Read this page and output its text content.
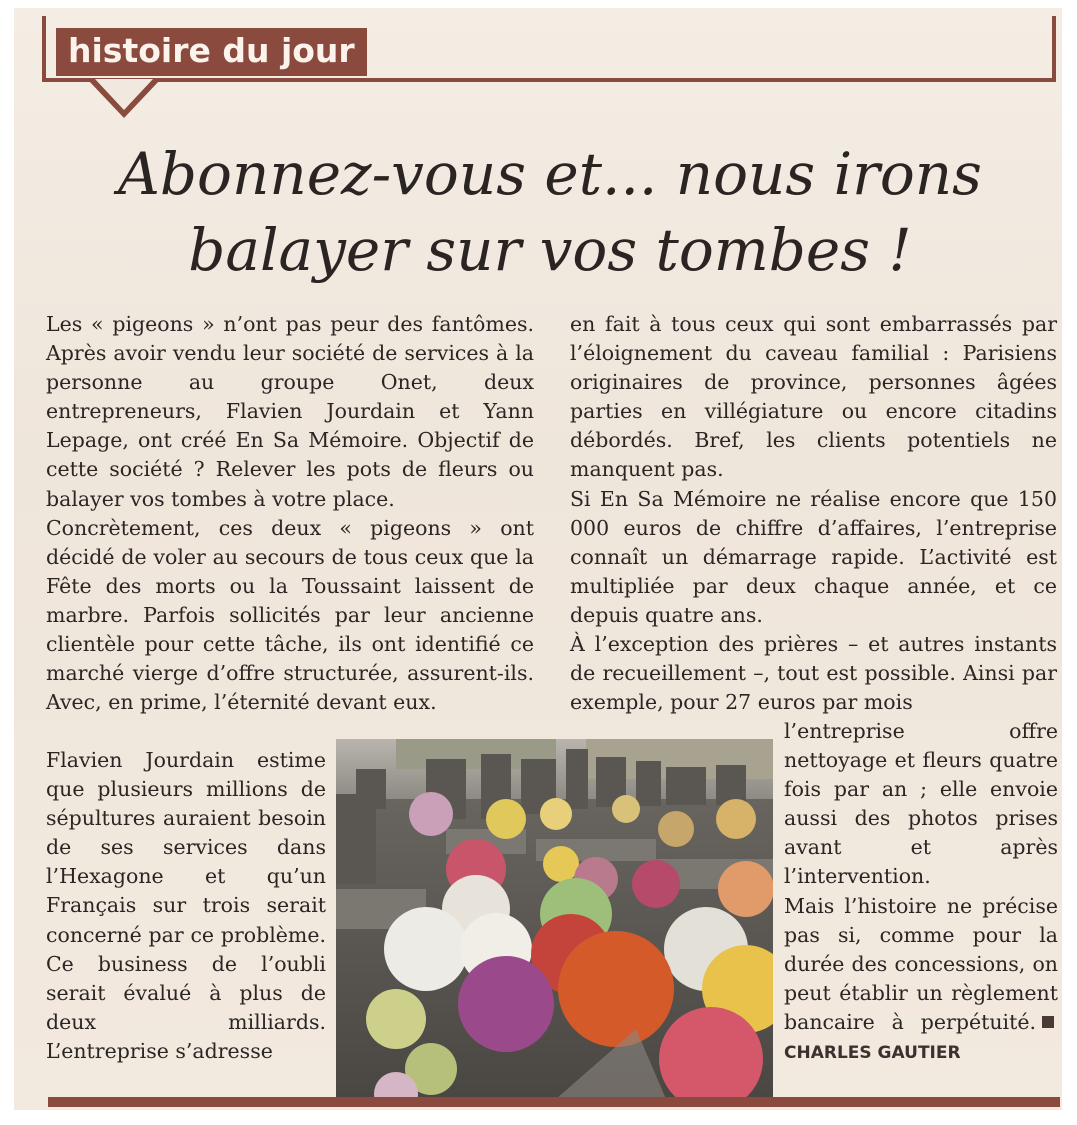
histoire du jour
Abonnez-vous et... nous irons
balayer sur vos tombes !

Les « pigeons » n’ont pas peur des fantômes. Après avoir vendu leur société de services à la personne au groupe Onet, deux entrepreneurs, Flavien Jourdain et Yann Lepage, ont créé En Sa Mémoire. Objectif de cette société ? Relever les pots de fleurs ou balayer vos tombes à votre place.

Concrètement, ces deux « pigeons » ont décidé de voler au secours de tous ceux que la Fête des morts ou la Toussaint laissent de marbre. Parfois sollicités par leur ancienne clientèle pour cette tâche, ils ont identifié ce marché vierge d’offre structurée, assurent-ils. Avec, en prime, l’éternité devant eux.

Flavien Jourdain estime que plusieurs millions de sépultures auraient besoin de ses services dans l’Hexagone et qu’un Français sur trois serait concerné par ce problème. Ce business de l’oubli serait évalué à plus de deux milliards. L’entreprise s’adresse

en fait à tous ceux qui sont embarrassés par l’éloignement du caveau familial : Parisiens originaires de province, personnes âgées parties en villégiature ou encore citadins débordés. Bref, les clients potentiels ne manquent pas.

Si En Sa Mémoire ne réalise encore que 150 000 euros de chiffre d’affaires, l’entreprise connaît un démarrage rapide. L’activité est multipliée par deux chaque année, et ce depuis quatre ans.

À l’exception des prières – et autres instants de recueillement –, tout est possible. Ainsi par exemple, pour 27 euros par mois

l’entreprise offre nettoyage et fleurs quatre fois par an ; elle envoie aussi des photos prises avant et après l’intervention.

Mais l’histoire ne précise pas si, comme pour la durée des concessions, on peut établir un règlement bancaire à perpétuité.CHARLES GAUTIER
